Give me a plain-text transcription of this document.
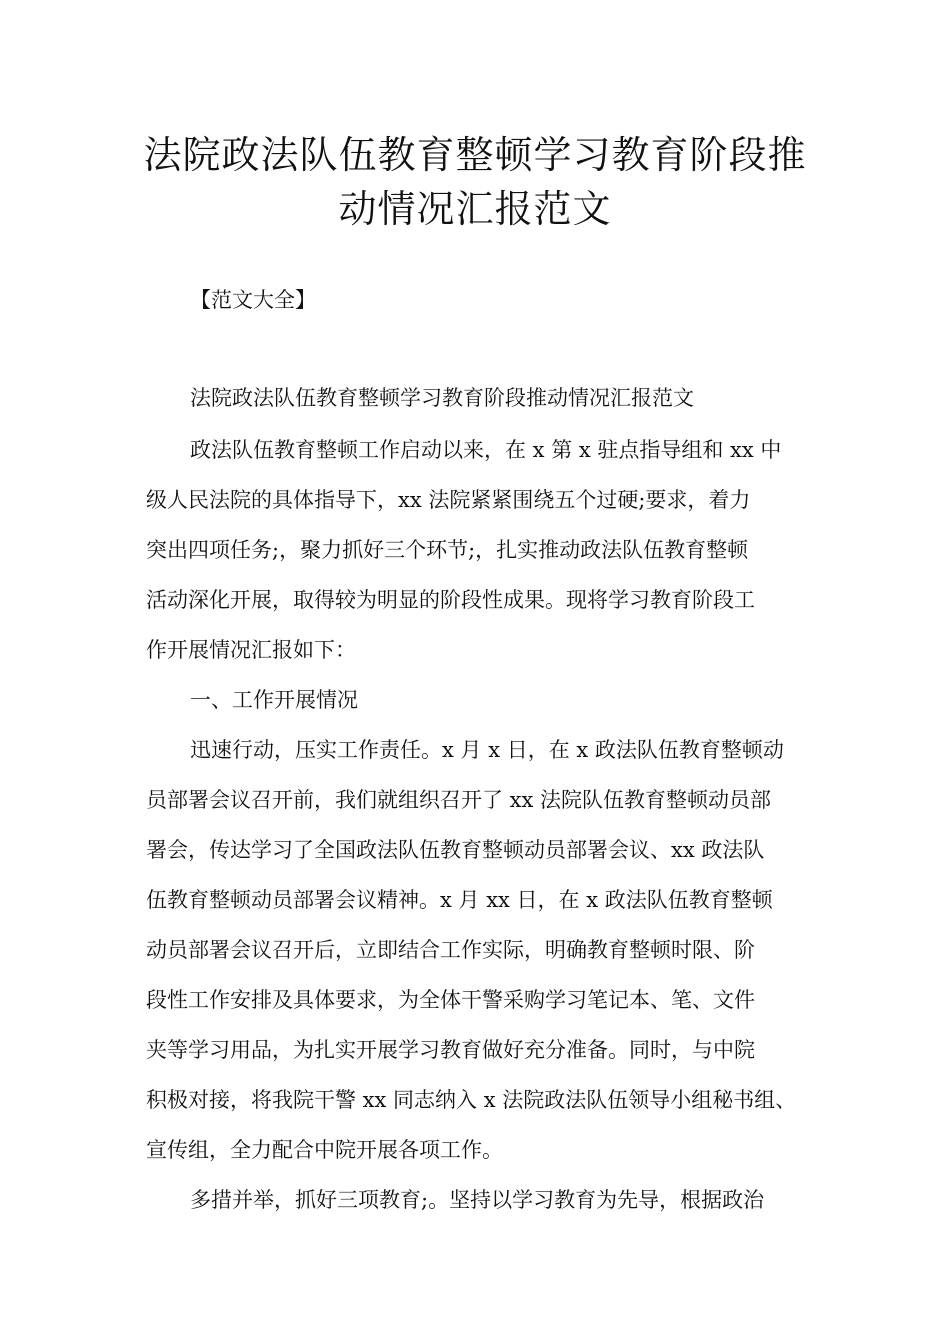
法院政法队伍教育整顿学习教育阶段推
动情况汇报范文
【范文大全】
法院政法队伍教育整顿学习教育阶段推动情况汇报范文
政法队伍教育整顿工作启动以来，在 x 第 x 驻点指导组和 xx 中
级人民法院的具体指导下，xx 法院紧紧围绕五个过硬;要求，着力
突出四项任务;，聚力抓好三个环节;，扎实推动政法队伍教育整顿
活动深化开展，取得较为明显的阶段性成果。现将学习教育阶段工
作开展情况汇报如下：
一、工作开展情况
迅速行动，压实工作责任。x 月 x 日，在 x 政法队伍教育整顿动
员部署会议召开前，我们就组织召开了 xx 法院队伍教育整顿动员部
署会，传达学习了全国政法队伍教育整顿动员部署会议、xx 政法队
伍教育整顿动员部署会议精神。x 月 xx 日，在 x 政法队伍教育整顿
动员部署会议召开后，立即结合工作实际，明确教育整顿时限、阶
段性工作安排及具体要求，为全体干警采购学习笔记本、笔、文件
夹等学习用品，为扎实开展学习教育做好充分准备。同时，与中院
积极对接，将我院干警 xx 同志纳入 x 法院政法队伍领导小组秘书组、
宣传组，全力配合中院开展各项工作。
多措并举，抓好三项教育;。坚持以学习教育为先导，根据政治
